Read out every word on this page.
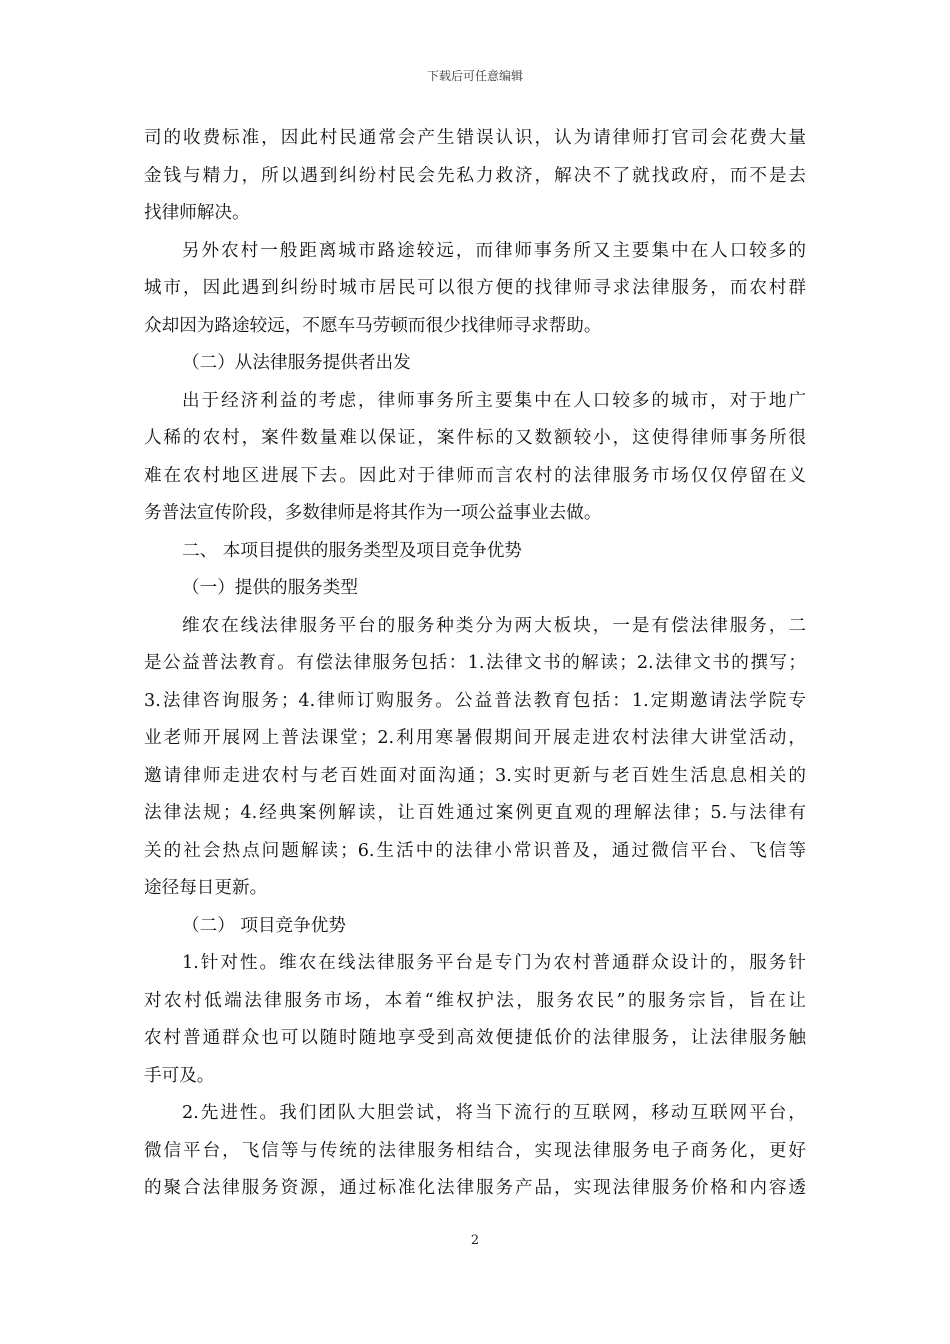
下载后可任意编辑
司的收费标准，因此村民通常会产生错误认识，认为请律师打官司会花费大量
金钱与精力，所以遇到纠纷村民会先私力救济，解决不了就找政府，而不是去
找律师解决。
另外农村一般距离城市路途较远，而律师事务所又主要集中在人口较多的
城市，因此遇到纠纷时城市居民可以很方便的找律师寻求法律服务，而农村群
众却因为路途较远，不愿车马劳顿而很少找律师寻求帮助。
（二）从法律服务提供者出发
出于经济利益的考虑，律师事务所主要集中在人口较多的城市，对于地广
人稀的农村，案件数量难以保证，案件标的又数额较小，这使得律师事务所很
难在农村地区进展下去。因此对于律师而言农村的法律服务市场仅仅停留在义
务普法宣传阶段，多数律师是将其作为一项公益事业去做。
二、 本项目提供的服务类型及项目竞争优势
（一）提供的服务类型
维农在线法律服务平台的服务种类分为两大板块，一是有偿法律服务，二
是公益普法教育。有偿法律服务包括：1.法律文书的解读；2.法律文书的撰写；
3.法律咨询服务；4.律师订购服务。公益普法教育包括：1.定期邀请法学院专
业老师开展网上普法课堂；2.利用寒暑假期间开展走进农村法律大讲堂活动，
邀请律师走进农村与老百姓面对面沟通；3.实时更新与老百姓生活息息相关的
法律法规；4.经典案例解读，让百姓通过案例更直观的理解法律；5.与法律有
关的社会热点问题解读；6.生活中的法律小常识普及，通过微信平台、飞信等
途径每日更新。
（二） 项目竞争优势
1.针对性。维农在线法律服务平台是专门为农村普通群众设计的，服务针
对农村低端法律服务市场，本着“维权护法，服务农民”的服务宗旨，旨在让
农村普通群众也可以随时随地享受到高效便捷低价的法律服务，让法律服务触
手可及。
2.先进性。我们团队大胆尝试，将当下流行的互联网，移动互联网平台，
微信平台，飞信等与传统的法律服务相结合，实现法律服务电子商务化，更好
的聚合法律服务资源，通过标准化法律服务产品，实现法律服务价格和内容透
2
